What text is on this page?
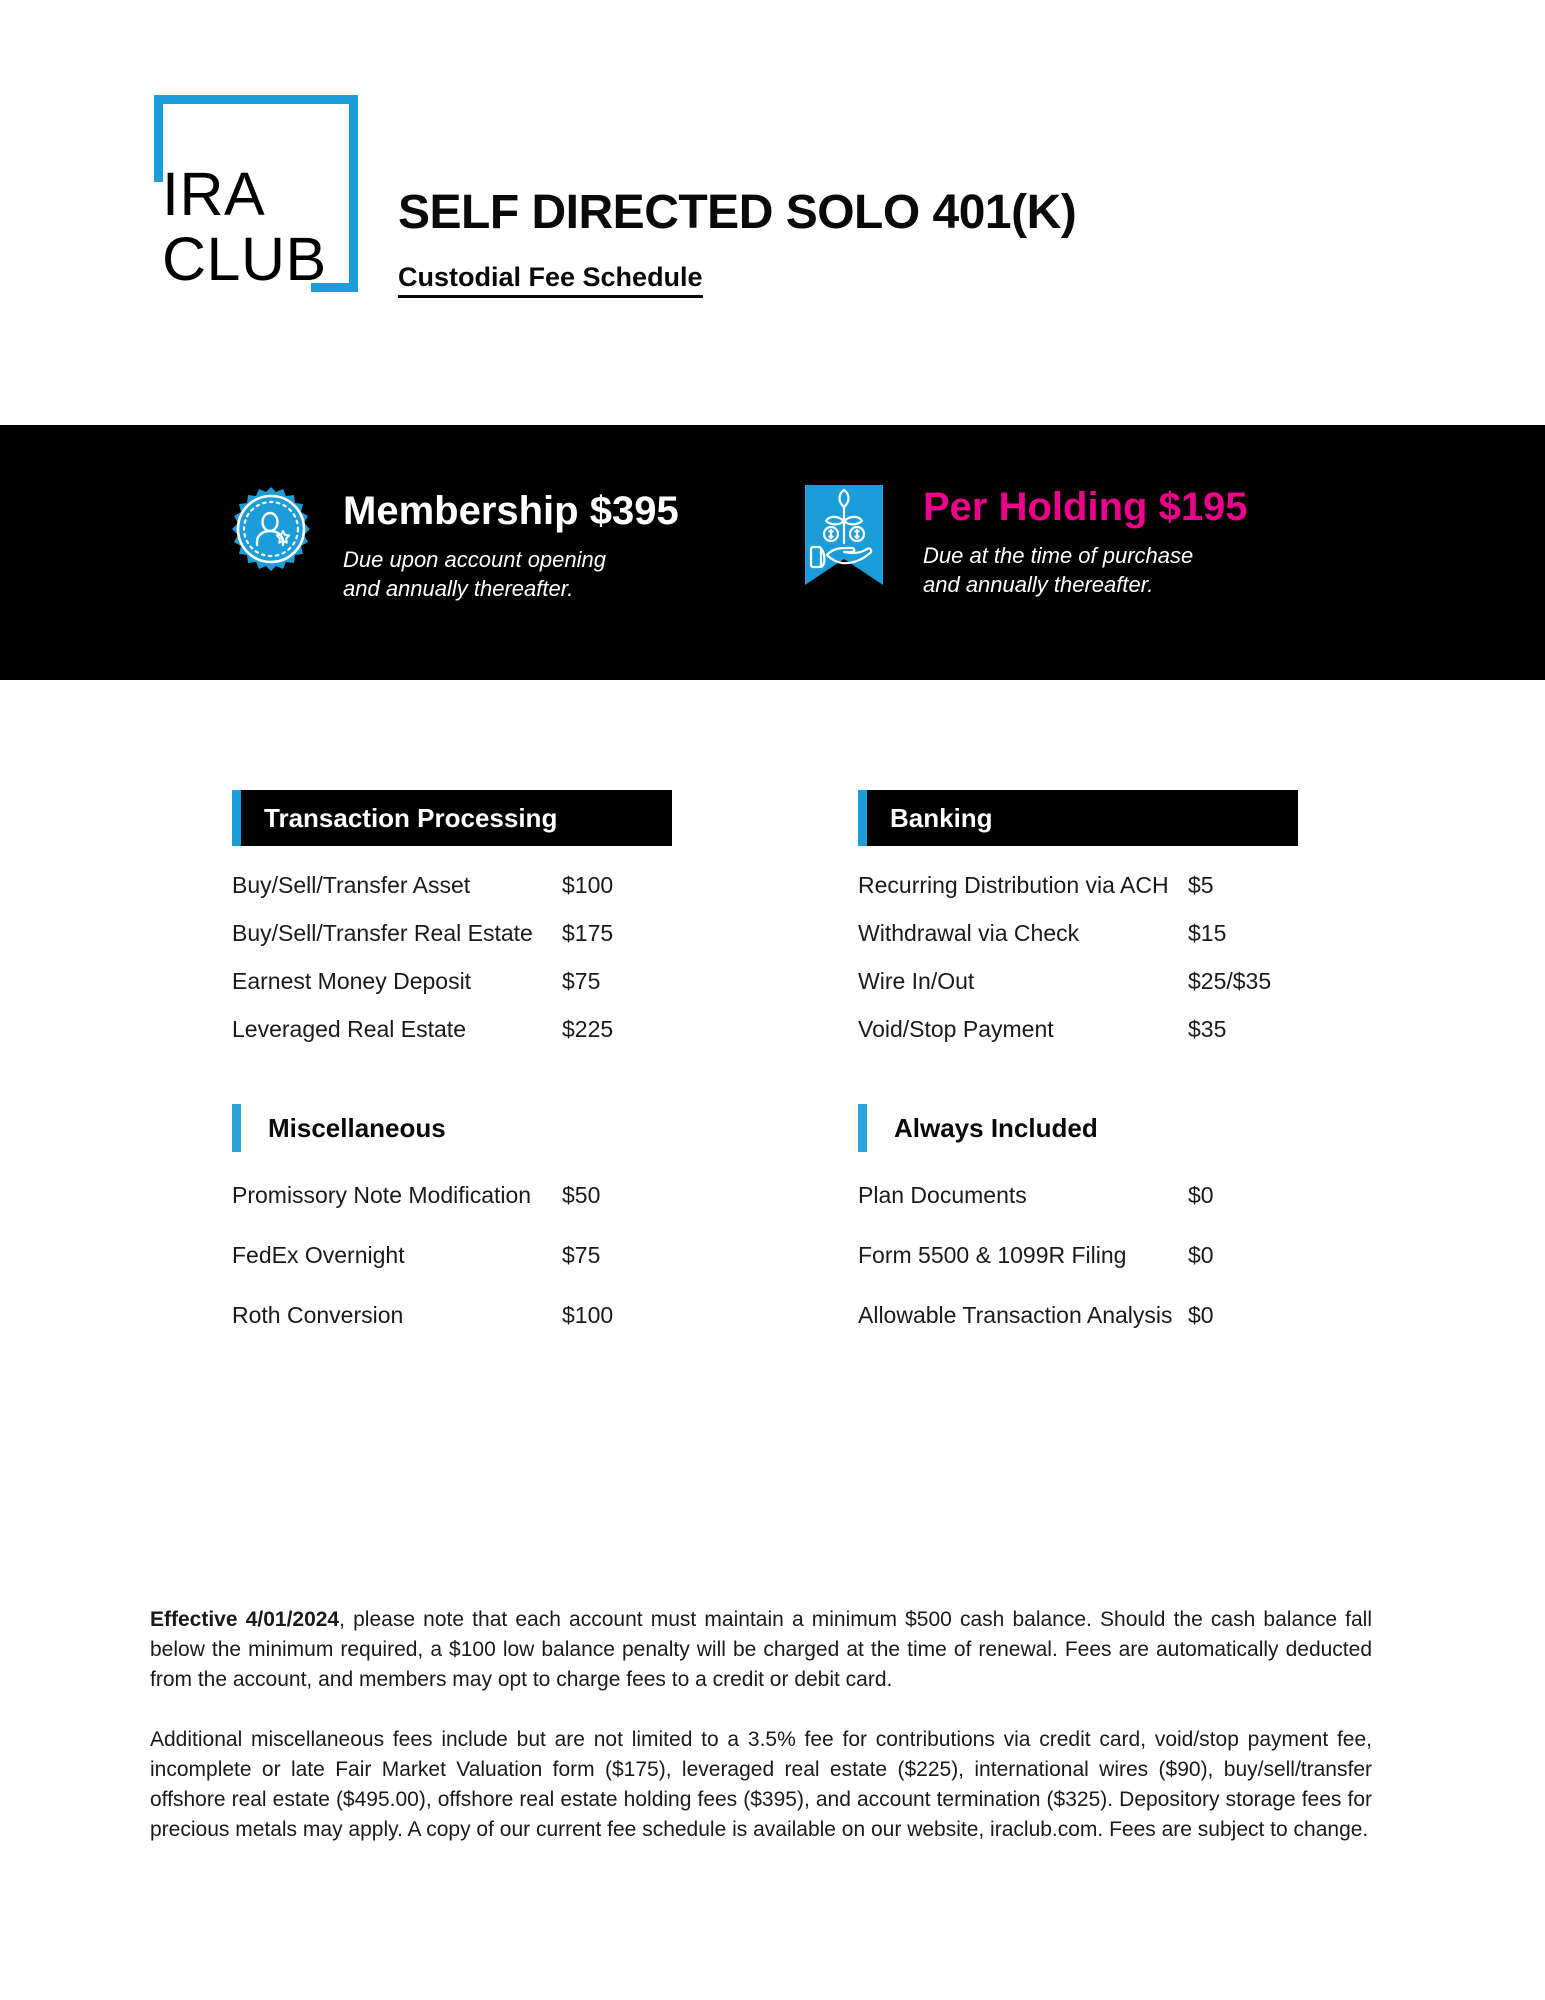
IRA
CLUB
SELF DIRECTED SOLO 401(K)
Custodial Fee Schedule
Membership $395
Due upon account opening
and annually thereafter.
Per Holding $195
Due at the time of purchase
and annually thereafter.
Transaction Processing
Buy/Sell/Transfer Asset	$100
Buy/Sell/Transfer Real Estate	$175
Earnest Money Deposit	$75
Leveraged Real Estate	$225
Miscellaneous
Promissory Note Modification	$50
FedEx Overnight	$75
Roth Conversion	$100
Banking
Recurring Distribution via ACH $5
Withdrawal via Check	$15
Wire In/Out	$25/$35
Void/Stop Payment	$35
Always Included
Plan Documents	$0
Form 5500 & 1099R Filing	$0
Allowable Transaction Analysis $0

Effective 4/01/2024, please note that each account must maintain a minimum $500 cash balance. Should the cash balance fall below the minimum required, a $100 low balance penalty will be charged at the time of renewal. Fees are automatically deducted from the account, and members may opt to charge fees to a credit or debit card.

Additional miscellaneous fees include but are not limited to a 3.5% fee for contributions via credit card, void/stop payment fee, incomplete or late Fair Market Valuation form ($175), leveraged real estate ($225), international wires ($90), buy/sell/transfer offshore real estate ($495.00), offshore real estate holding fees ($395), and account termination ($325). Depository storage fees for precious metals may apply. A copy of our current fee schedule is available on our website, iraclub.com. Fees are subject to change.
